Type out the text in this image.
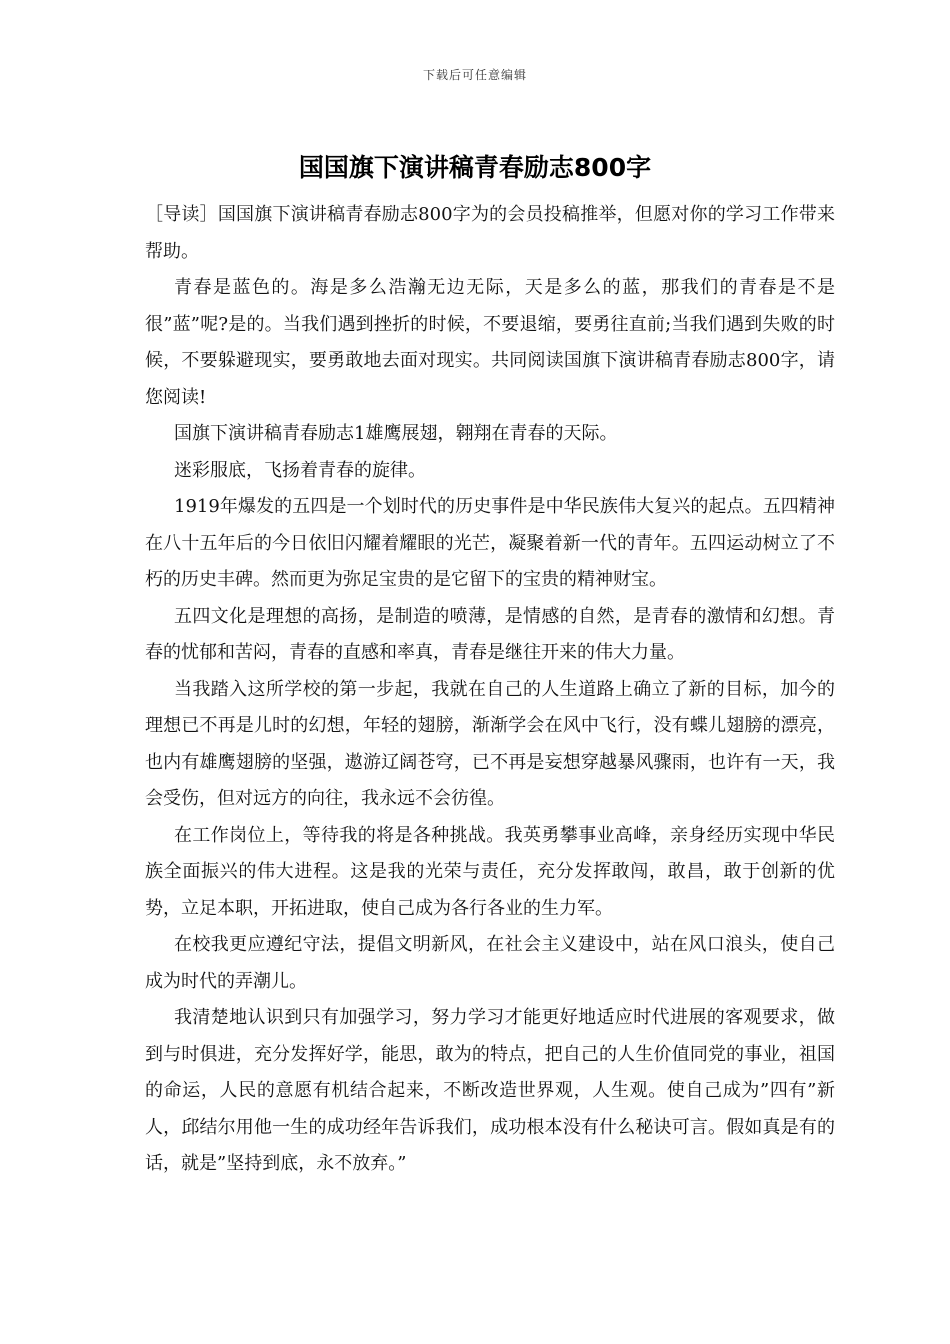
下载后可任意编辑
国国旗下演讲稿青春励志800字

［导读］国国旗下演讲稿青春励志800字为的会员投稿推举，但愿对你的学习工作带来帮助。

青春是蓝色的。海是多么浩瀚无边无际，天是多么的蓝，那我们的青春是不是很”蓝”呢?是的。当我们遇到挫折的时候，不要退缩，要勇往直前;当我们遇到失败的时候，不要躲避现实，要勇敢地去面对现实。共同阅读国旗下演讲稿青春励志800字，请您阅读!

国旗下演讲稿青春励志1雄鹰展翅，翱翔在青春的天际。

迷彩服底，飞扬着青春的旋律。

1919年爆发的五四是一个划时代的历史事件是中华民族伟大复兴的起点。五四精神在八十五年后的今日依旧闪耀着耀眼的光芒，凝聚着新一代的青年。五四运动树立了不朽的历史丰碑。然而更为弥足宝贵的是它留下的宝贵的精神财宝。

五四文化是理想的高扬，是制造的喷薄，是情感的自然，是青春的激情和幻想。青春的忧郁和苦闷，青春的直感和率真，青春是继往开来的伟大力量。

当我踏入这所学校的第一步起，我就在自己的人生道路上确立了新的目标，加今的理想已不再是儿时的幻想，年轻的翅膀，渐渐学会在风中飞行，没有蝶儿翅膀的漂亮，也内有雄鹰翅膀的坚强，遨游辽阔苍穹，已不再是妄想穿越暴风骤雨，也许有一天，我会受伤，但对远方的向往，我永远不会彷徨。

在工作岗位上，等待我的将是各种挑战。我英勇攀事业高峰，亲身经历实现中华民族全面振兴的伟大进程。这是我的光荣与责任，充分发挥敢闯，敢昌，敢于创新的优势，立足本职，开拓进取，使自己成为各行各业的生力军。

在校我更应遵纪守法，提倡文明新风，在社会主义建设中，站在风口浪头，使自己成为时代的弄潮儿。

我清楚地认识到只有加强学习，努力学习才能更好地适应时代进展的客观要求，做到与时俱进，充分发挥好学，能思，敢为的特点，把自己的人生价值同党的事业，祖国的命运，人民的意愿有机结合起来，不断改造世界观，人生观。使自己成为”四有”新人，邱结尔用他一生的成功经年告诉我们，成功根本没有什么秘诀可言。假如真是有的话，就是”坚持到底，永不放弃。”
